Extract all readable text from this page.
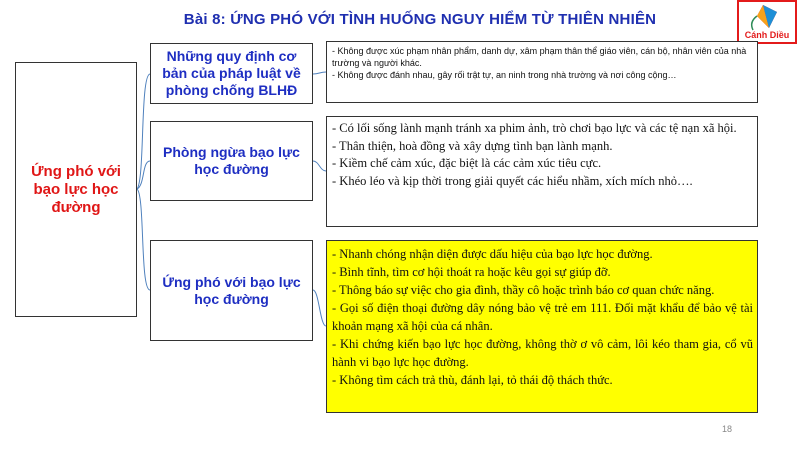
Bài 8: ỨNG PHÓ VỚI TÌNH HUỐNG NGUY HIỂM TỪ THIÊN NHIÊN
Cánh Diều
Ứng phó với bạo lực học đường
Những quy định cơ bản của pháp luật về phòng chống BLHĐ
Phòng ngừa bạo lực học đường
Ứng phó với bạo lực học đường
- Không được xúc phạm nhân phẩm, danh dự, xâm phạm thân thể giáo viên, cán bộ, nhân viên của nhà trường và người khác.
- Không được đánh nhau, gây rối trật tự, an ninh trong nhà trường và nơi công cộng…
- Có lối sống lành mạnh tránh xa phim ảnh, trò chơi bạo lực và các tệ nạn xã hội.
- Thân thiện, hoà đồng và xây dựng tình bạn lành mạnh.
- Kiềm chế cảm xúc, đặc biệt là các cảm xúc tiêu cực.
- Khéo léo và kịp thời trong giải quyết các hiểu nhầm, xích mích nhỏ….
- Nhanh chóng nhận diện được dấu hiệu của bạo lực học đường.
- Bình tĩnh, tìm cơ hội thoát ra hoặc kêu gọi sự giúp đỡ.
- Thông báo sự việc cho gia đình, thầy cô hoặc trình báo cơ quan chức năng.
- Gọi số điện thoại đường dây nóng bảo vệ trẻ em 111. Đối mặt khẩu để bảo vệ tài khoản mạng xã hội của cá nhân.
- Khi chứng kiến bạo lực học đường, không thờ ơ vô cảm, lôi kéo tham gia, cổ vũ hành vi bạo lực học đường.
- Không tìm cách trả thù, đánh lại, tỏ thái độ thách thức.
18
